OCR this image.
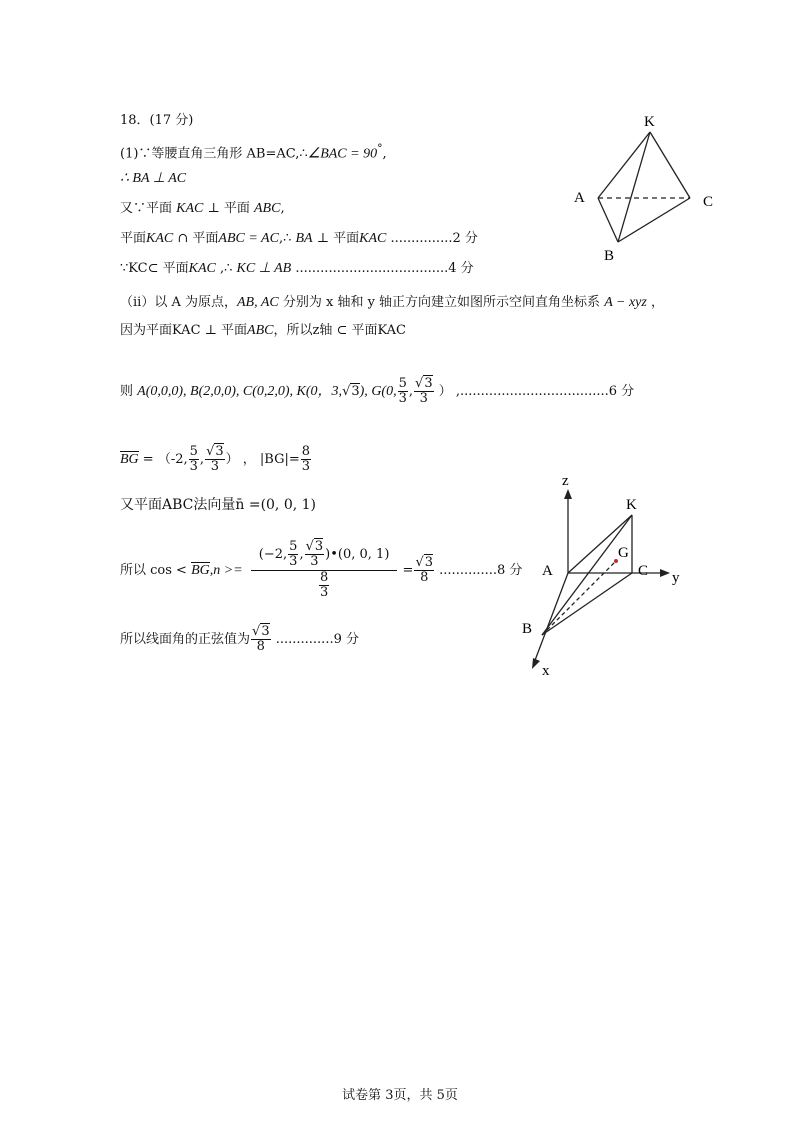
18．(17 分)
(1)∵等腰直角三角形 AB=AC,∴∠BAC = 90°,
∴ BA ⊥ AC
又∵平面 KAC ⊥ 平面 ABC,
平面KAC ∩ 平面ABC = AC,∴ BA ⊥ 平面KAC ...............2 分
∵KC⊂ 平面KAC ,∴ KC ⊥ AB .....................................4 分
（ii）以 A 为原点，AB, AC 分别为 x 轴和 y 轴正方向建立如图所示空间直角坐标系 A − xyz ，
因为平面KAC ⊥ 平面ABC，所以z轴 ⊂ 平面KAC
则 A(0,0,0), B(2,0,0), C(0,2,0), K(0，3,√3), G(0, $\frac{5}{3}$ , $\frac{√3}{3}$ ） ,....................................6 分
BG = （-2, $\frac{5}{3}$ , $\frac{√3}{3}$ ） ， $|BG|= \frac{8}{3}$
又平面ABC法向量n̄ =(0, 0, 1)
所以 $\cos < BG,n >= \frac{(-2, \frac{5}{3} , \frac{√3}{3} )•(0, 0, 1)}{\frac{8}{3}} = \frac{√3}{8} ..............8$ 分
所以线面角的正弦值为 $\frac{√3}{8} ..............9$ 分
K
A	C
B
z
K
G
A	C y
B
x
试卷第 3页，共 5页
